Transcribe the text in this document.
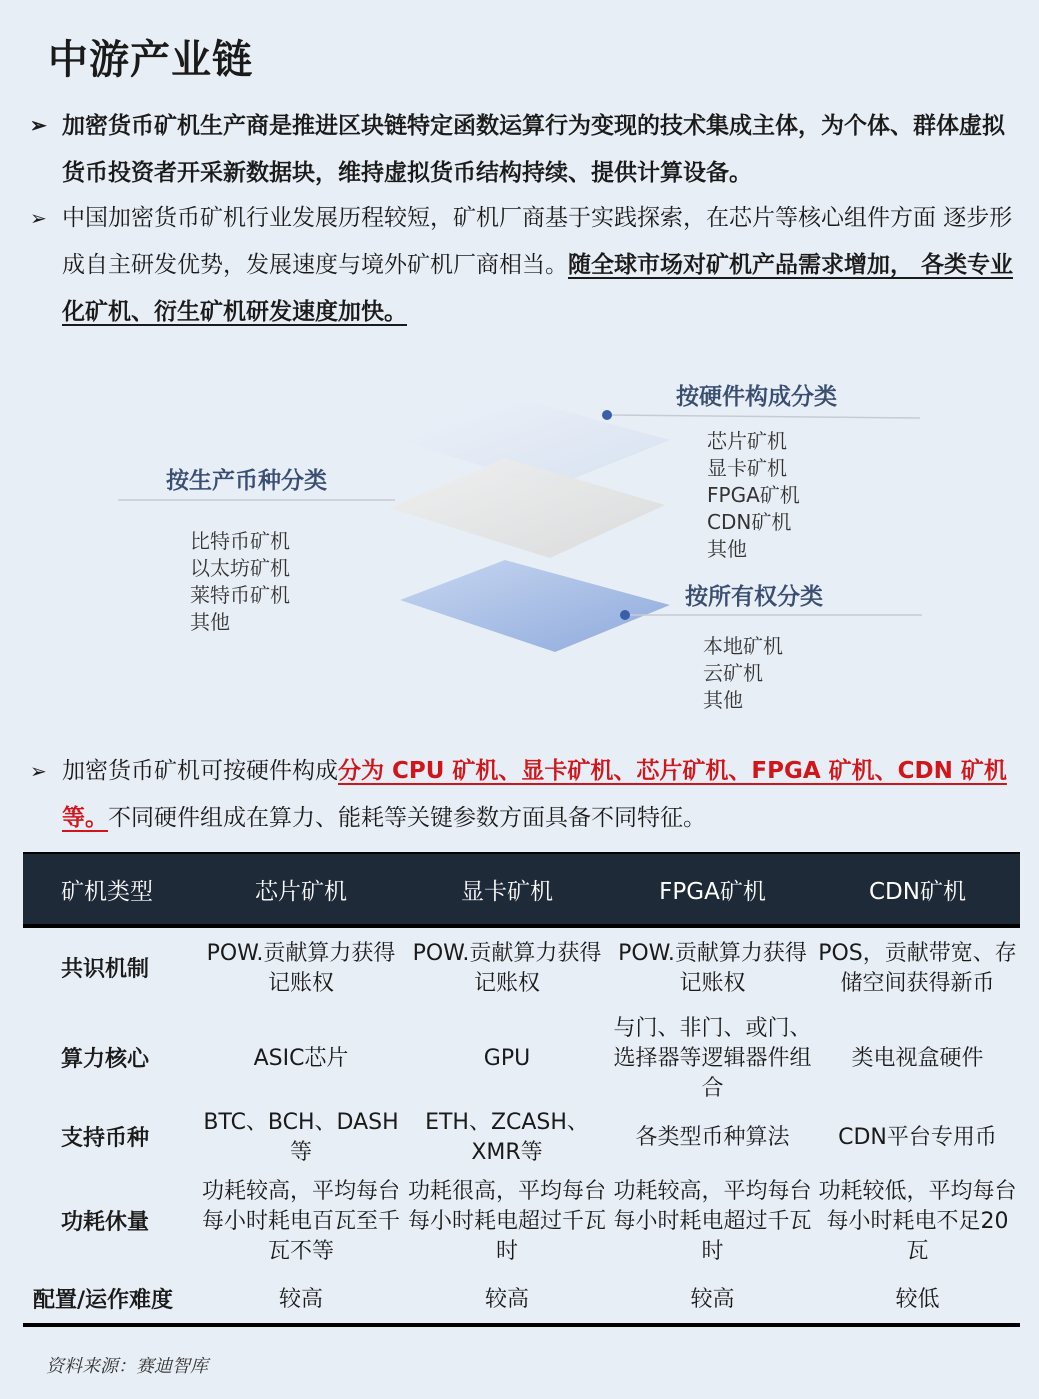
中游产业链
➢ 加密货币矿机生产商是推进区块链特定函数运算行为变现的技术集成主体，为个体、群体虚拟货币投资者开采新数据块，维持虚拟货币结构持续、提供计算设备。
➢ 中国加密货币矿机行业发展历程较短，矿机厂商基于实践探索，在芯片等核心组件方面 逐步形成自主研发优势，发展速度与境外矿机厂商相当。随全球市场对矿机产品需求增加， 各类专业化矿机、衍生矿机研发速度加快。
按硬件构成分类
芯片矿机
显卡矿机
FPGA矿机
CDN矿机
其他
按生产币种分类
比特币矿机
以太坊矿机
莱特币矿机
其他
按所有权分类
本地矿机
云矿机
其他
➢ 加密货币矿机可按硬件构成分为 CPU 矿机、显卡矿机、芯片矿机、FPGA 矿机、CDN 矿机等。不同硬件组成在算力、能耗等关键参数方面具备不同特征。
矿机类型	芯片矿机	显卡矿机	FPGA矿机	CDN矿机
共识机制	POW.贡献算力获得记账权	POW.贡献算力获得记账权	POW.贡献算力获得记账权	POS，贡献带宽、存储空间获得新币
算力核心	ASIC芯片	GPU	与门、非门、或门、选择器等逻辑器件组合	类电视盒硬件
支持币种	BTC、BCH、DASH等	ETH、ZCASH、XMR等	各类型币种算法	CDN平台专用币
功耗休量	功耗较高，平均每台每小时耗电百瓦至千瓦不等	功耗很高，平均每台每小时耗电超过千瓦时	功耗较高，平均每台每小时耗电超过千瓦时	功耗较低，平均每台每小时耗电不足20瓦
配置/运作难度	较高	较高	较高	较低
资料来源：赛迪智库
